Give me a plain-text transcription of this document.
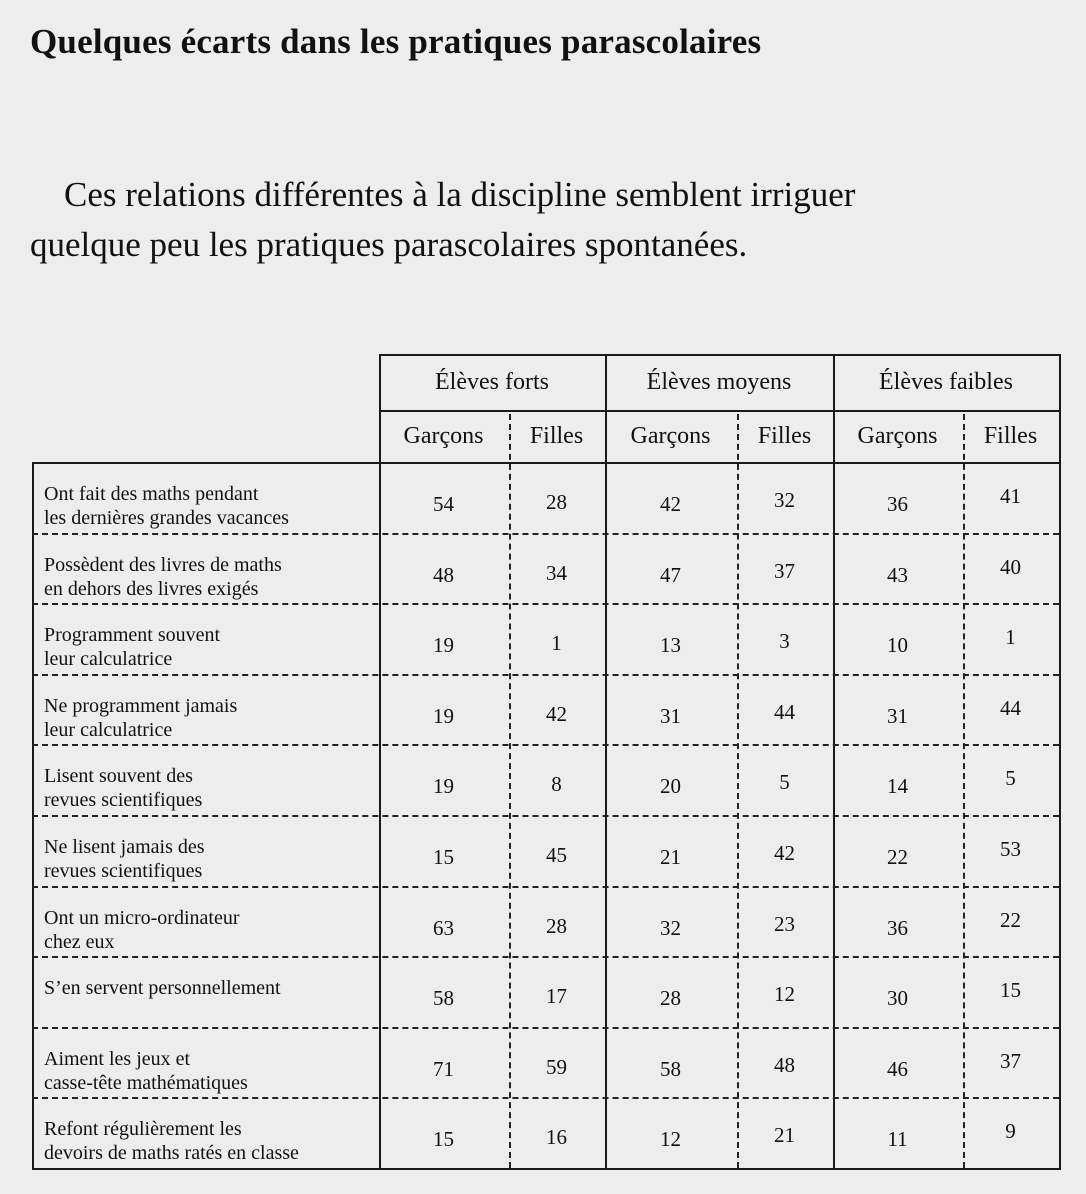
Quelques écarts dans les pratiques parascolaires
Ces relations différentes à la discipline semblent irriguer
quelque peu les pratiques parascolaires spontanées.
Élèves forts	Élèves moyens	Élèves faibles
Garçons	Filles	Garçons	Filles	Garçons	Filles
Ont fait des maths pendant
les dernières grandes vacances
54	28	42	32	36	41
Possèdent des livres de maths
en dehors des livres exigés
48	34	47	37	43	40
Programment souvent
leur calculatrice
19	1	13	3	10	1
Ne programment jamais
leur calculatrice
19	42	31	44	31	44
Lisent souvent des
revues scientifiques
19	8	20	5	14	5
Ne lisent jamais des
revues scientifiques
15	45	21	42	22	53
Ont un micro-ordinateur
chez eux
63	28	32	23	36	22
S’en servent personnellement	58	17	28	12	30	15
Aiment les jeux et
casse-tête mathématiques
71	59	58	48	46	37
Refont régulièrement les
devoirs de maths ratés en classe
15	16	12	21	11	9
